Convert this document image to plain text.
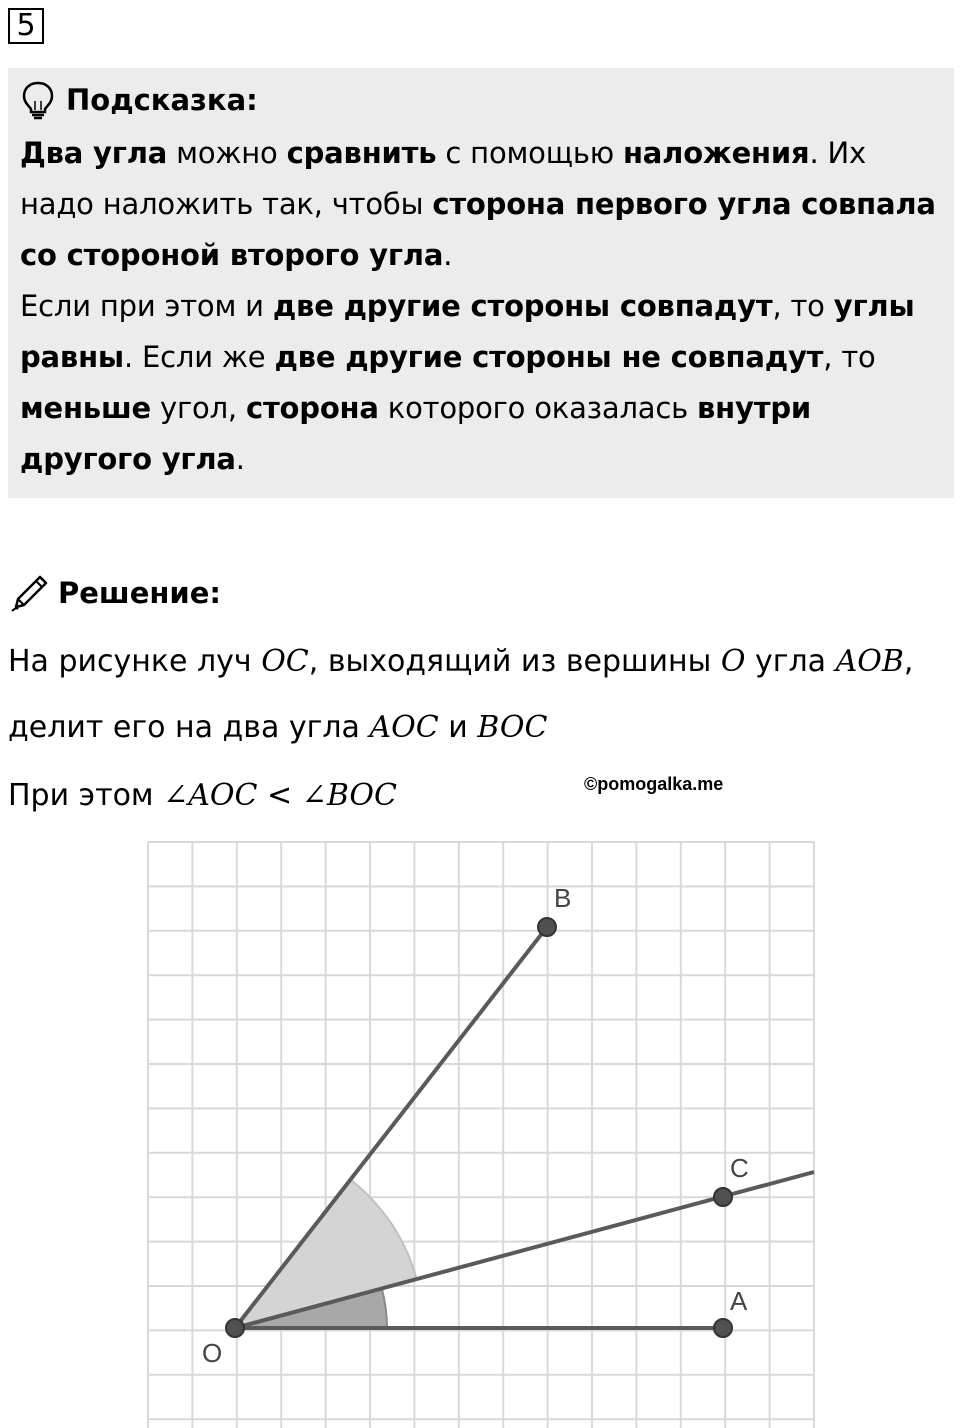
5
Подсказка:
Два угла можно сравнить с помощью наложения. Их надо наложить так, чтобы сторона первого угла совпала со стороной второго угла.
Если при этом и две другие стороны совпадут, то углы равны. Если же две другие стороны не совпадут, то меньше угол, сторона которого оказалась внутри другого угла.
Решение:
На рисунке луч OC, выходящий из вершины O угла AOB,
делит его на два угла AOC и BOC
При этом ∠AOC < ∠BOC	©pomogalka.me
O
A
B
C
